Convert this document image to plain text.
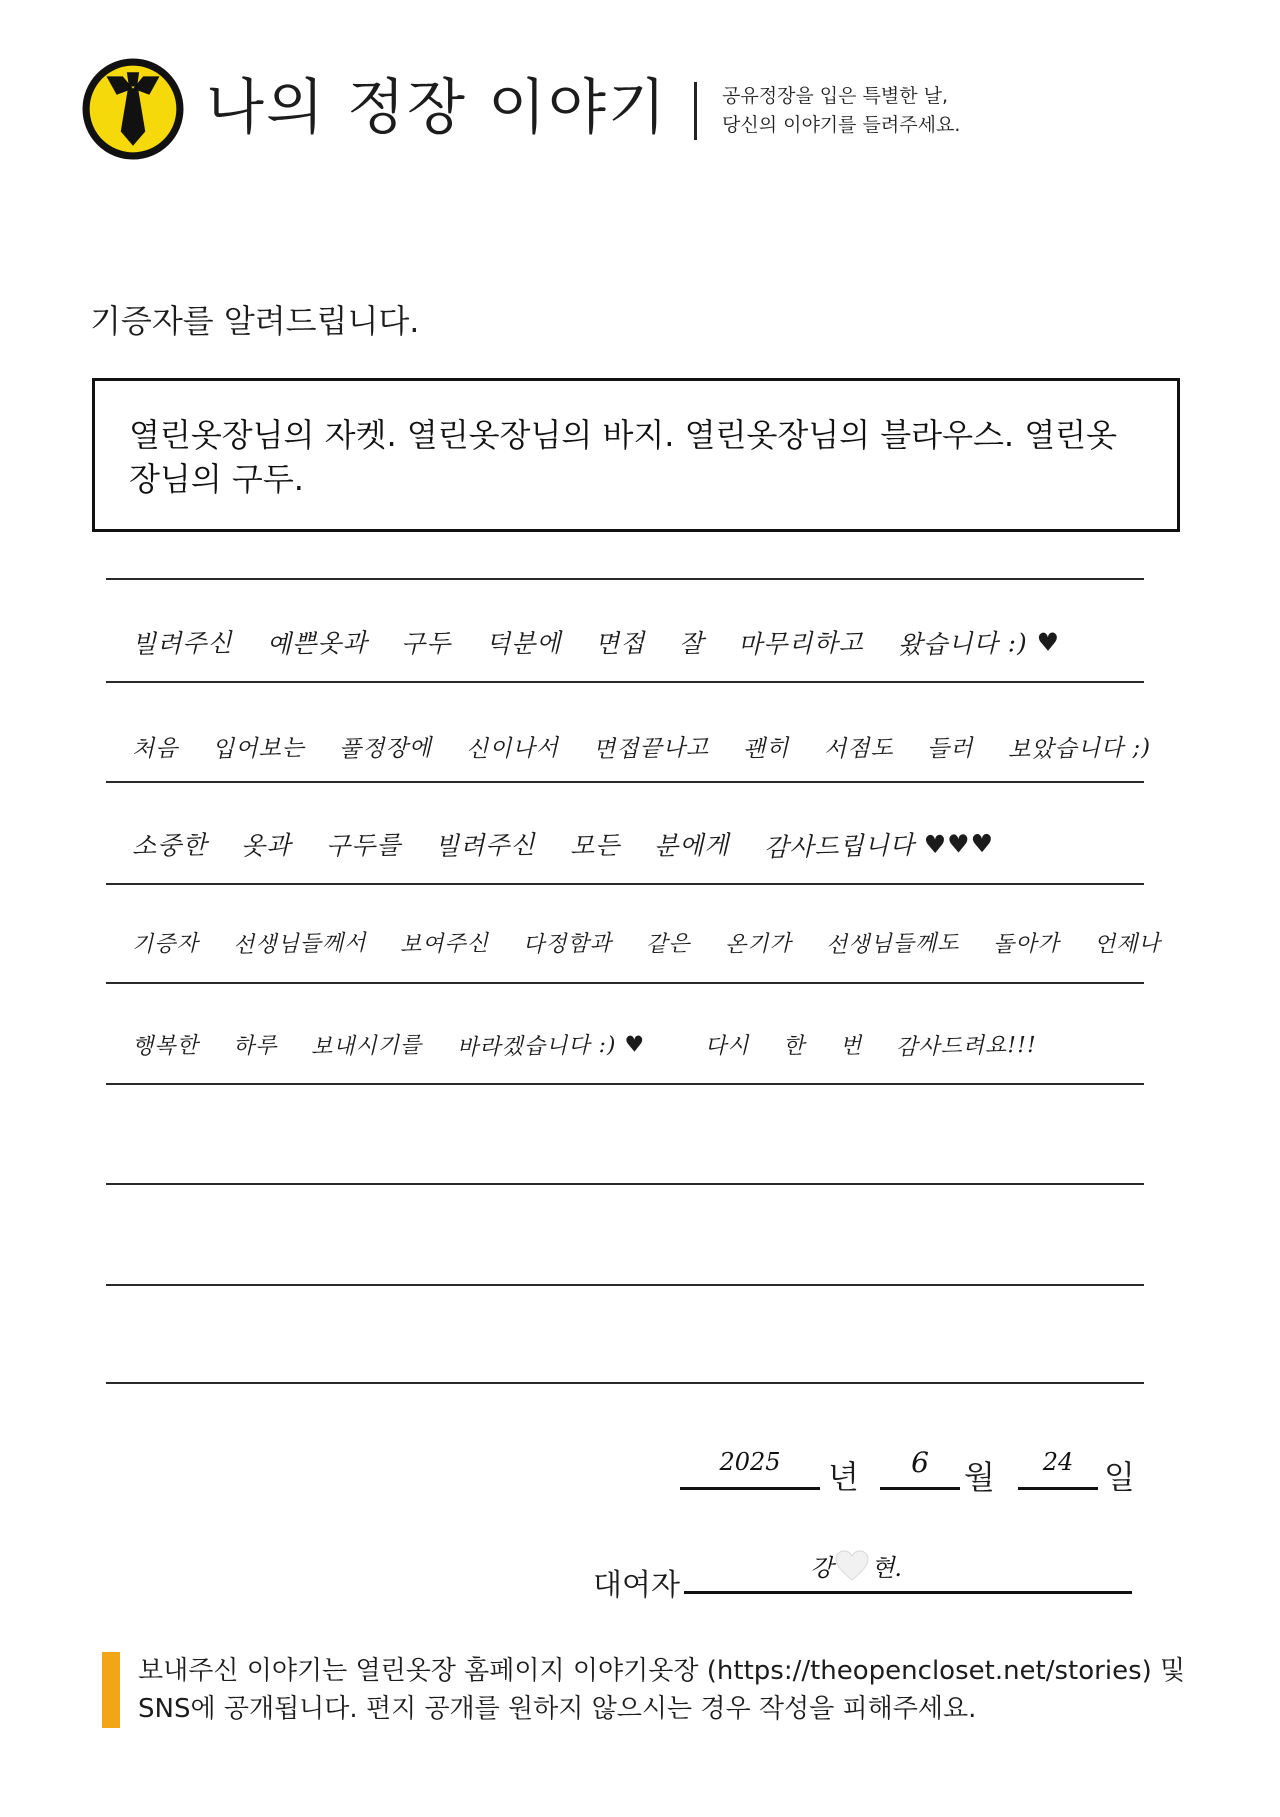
나의 정장 이야기	공유정장을 입은 특별한 날,
당신의 이야기를 들려주세요.
기증자를 알려드립니다.
열린옷장님의 자켓. 열린옷장님의 바지. 열린옷장님의 블라우스. 열린옷장님의 구두.
빌려주신 예쁜옷과 구두 덕분에 면접 잘 마무리하고 왔습니다 :) ♥
처음 입어보는 풀정장에 신이나서 면접끝나고 괜히 서점도 들러 보았습니다 ;)
소중한 옷과 구두를 빌려주신 모든 분에게 감사드립니다 ♥♥♥
기증자 선생님들께서 보여주신 다정함과 같은 온기가 선생님들께도 돌아가 언제나
행복한 하루 보내시기를 바라겠습니다 :) ♥	다시 한 번 감사드려요!!!
2025	년	6	월	24 일
대여자	강 현.
보내주신 이야기는 열린옷장 홈페이지 이야기옷장 (https://theopencloset.net/stories) 및
SNS에 공개됩니다. 편지 공개를 원하지 않으시는 경우 작성을 피해주세요.
